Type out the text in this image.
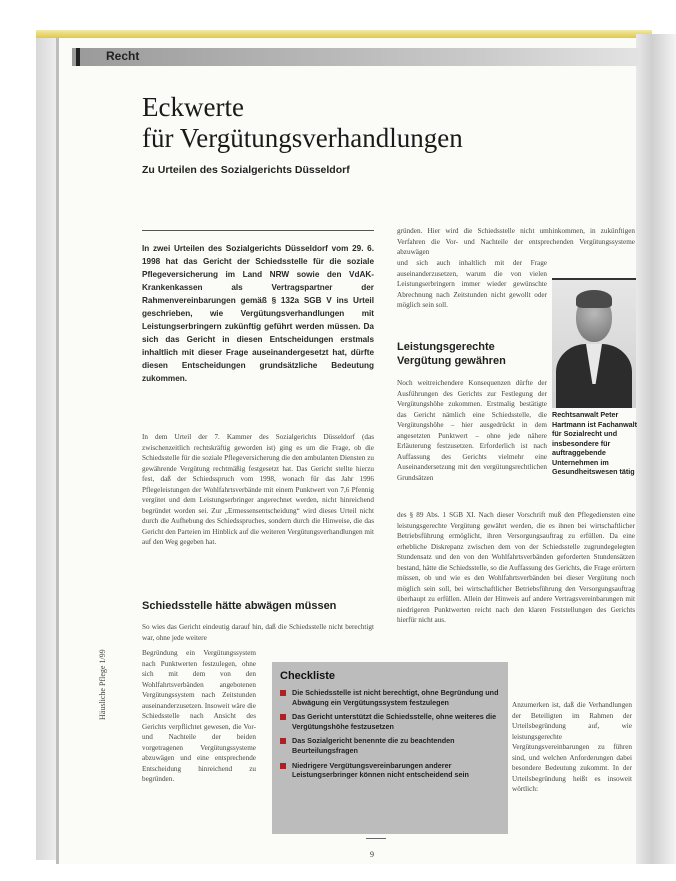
Recht
Eckwerte
für Vergütungsverhandlungen

Zu Urteilen des Sozialgerichts Düsseldorf

In zwei Urteilen des Sozialgerichts Düsseldorf vom 29. 6. 1998 hat das Gericht der Schiedsstelle für die soziale Pflegeversicherung im Land NRW sowie den VdAK-Krankenkassen als Vertragspartner der Rahmenvereinbarungen gemäß § 132a SGB V ins Urteil geschrieben, wie Vergütungsverhandlungen mit Leistungserbringern zukünftig geführt werden müssen. Da sich das Gericht in diesen Entscheidungen erstmals inhaltlich mit dieser Frage auseinandergesetzt hat, dürfte diesen Entscheidungen grundsätzliche Bedeutung zukommen.

In dem Urteil der 7. Kammer des Sozialgerichts Düsseldorf (das zwischenzeitlich rechtskräftig geworden ist) ging es um die Frage, ob die Schiedsstelle für die soziale Pflegeversicherung die den ambulanten Diensten zu gewährende Vergütung rechtmäßig festgesetzt hat. Das Gericht stellte hierzu fest, daß der Schiedsspruch vom 1998, wonach für das Jahr 1996 Pflegeleistungen der Wohlfahrtsverbände mit einem Punktwert von 7,6 Pfennig vergütet und dem Leistungserbringer angerechnet werden, nicht hinreichend begründet worden sei. Zur „Ermessensentscheidung“ wird dieses Urteil nicht durch die Aufhebung des Schiedsspruches, sondern durch die Hinweise, die das Gericht den Parteien im Hinblick auf die weiteren Vergütungsverhandlungen mit auf den Weg gegeben hat.

Schiedsstelle hätte abwägen müssen

So wies das Gericht eindeutig darauf hin, daß die Schiedsstelle nicht berechtigt war, ohne jede weitere

Begründung ein Vergütungssystem nach Punktwerten festzulegen, ohne sich mit dem von den Wohlfahrtsverbänden angebotenen Vergütungssystem nach Zeitstunden auseinanderzusetzen. Insoweit wäre die Schiedsstelle nach Ansicht des Gerichts verpflichtet gewesen, die Vor- und Nachteile der beiden vorgetragenen Vergütungssysteme abzuwägen und eine entsprechende Entscheidung hinreichend zu begründen.

gründen. Hier wird die Schiedsstelle nicht umhinkommen, in zukünftigen Verfahren die Vor- und Nachteile der entsprechenden Vergütungssysteme abzuwägen

und sich auch inhaltlich mit der Frage auseinanderzusetzen, warum die von vielen Leistungserbringern immer wieder gewünschte Abrechnung nach Zeitstunden nicht gewollt oder möglich sein soll.

Rechtsanwalt Peter Hartmann ist Fachanwalt für Sozialrecht und insbesondere für auftraggebende Unternehmen im Gesundheitswesen tätig

Leistungsgerechte Vergütung gewähren

Noch weitreichendere Konsequenzen dürfte der Ausführungen des Gerichts zur Festlegung der Vergütungshöhe zukommen. Erstmalig bestätigte das Gericht nämlich eine Schiedsstelle, die Vergütungshöhe – hier ausgedrückt in dem angesetzten Punktwert – ohne jede nähere Erläuterung festzusetzen. Erforderlich ist nach Auffassung des Gerichts vielmehr eine Auseinandersetzung mit den vergütungsrechtlichen Grundsätzen

des § 89 Abs. 1 SGB XI. Nach dieser Vorschrift muß den Pflegediensten eine leistungsgerechte Vergütung gewährt werden, die es ihnen bei wirtschaftlicher Betriebsführung ermöglicht, ihren Versorgungsauftrag zu erfüllen. Da eine erhebliche Diskrepanz zwischen dem von der Schiedsstelle zugrundegelegten Stundensatz und den von den Wohlfahrtsverbänden geforderten Stundensätzen bestand, hätte die Schiedsstelle, so die Auffassung des Gerichts, die Frage erörtern müssen, ob und wie es den Wohlfahrtsverbänden bei dieser Vergütung noch möglich sein soll, bei wirtschaftlicher Betriebsführung den Versorgungsauftrag überhaupt zu erfüllen. Allein der Hinweis auf andere Vertragsvereinbarungen mit niedrigeren Punktwerten reicht nach den klaren Feststellungen des Gerichts hierfür nicht aus.

Anzumerken ist, daß die Verhandlungen der Beteiligten im Rahmen der Urteilsbegründung auf, wie leistungsgerechte Vergütungsvereinbarungen zu führen sind, und welchen Anforderungen dabei besondere Bedeutung zukommt. In der Urteilsbegründung heißt es insoweit wörtlich:

Checkliste
Die Schiedsstelle ist nicht berechtigt, ohne Begründung und Abwägung ein Vergütungssystem festzulegen
Das Gericht unterstützt die Schiedsstelle, ohne weiteres die Vergütungshöhe festzusetzen
Das Sozialgericht benennte die zu beachtenden Beurteilungsfragen
Niedrigere Vergütungsvereinbarungen anderer Leistungserbringer können nicht entscheidend sein
Häusliche Pflege 1/99
9
